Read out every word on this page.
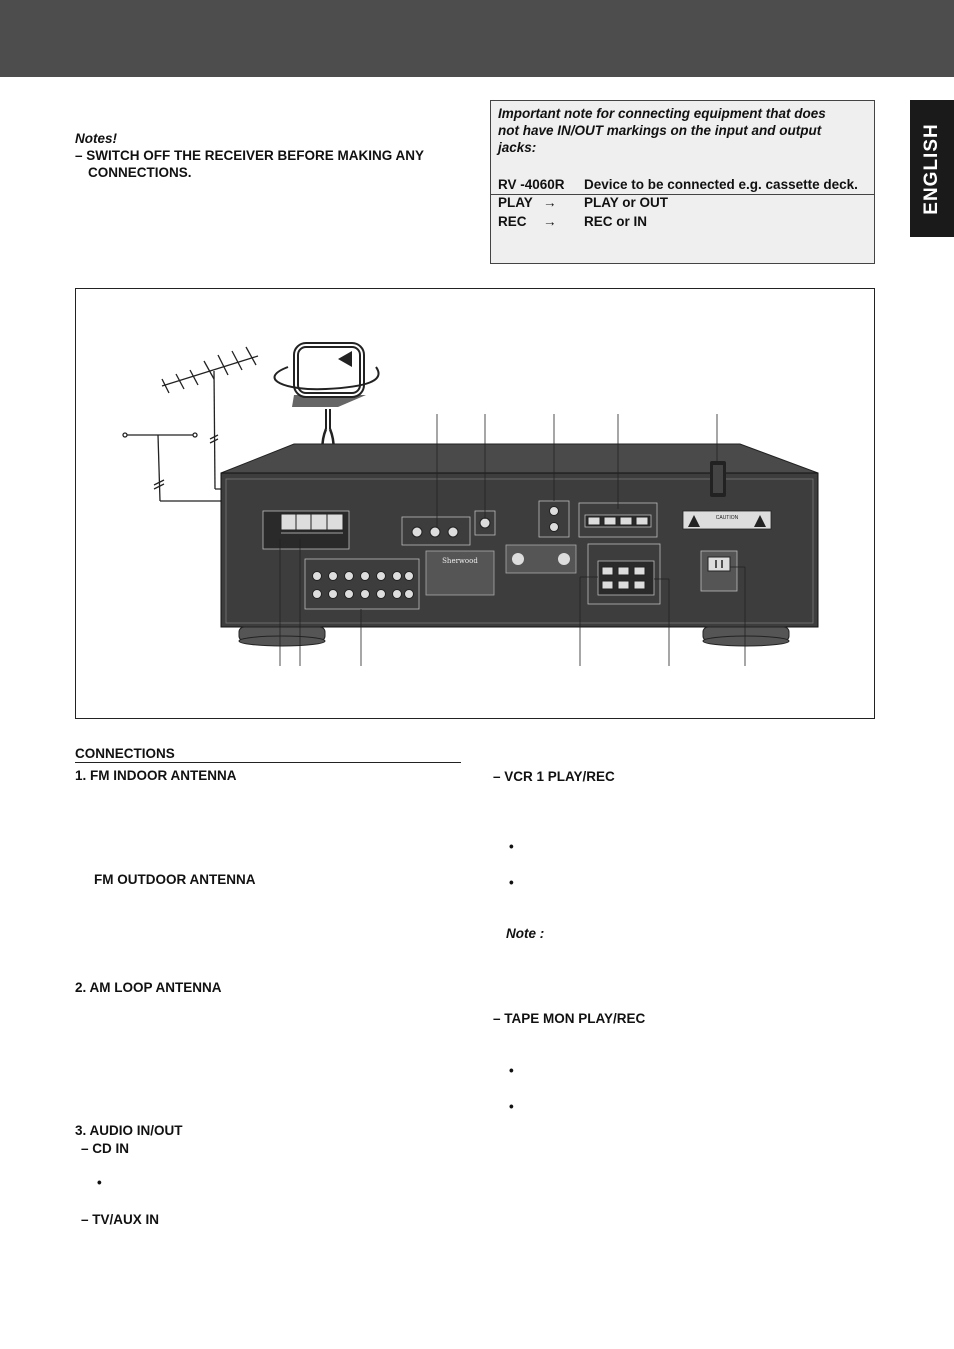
ENGLISH
Notes!
– SWITCH OFF THE RECEIVER BEFORE MAKING ANY
CONNECTIONS.
Important note for connecting equipment that does
not have IN/OUT markings on the input and output
jacks:
RV -4060R Device to be connected e.g. cassette deck.
PLAY → PLAY or OUT
REC → REC or IN
Sherwood
CAUTION
CONNECTIONS
1. FM INDOOR ANTENNA
FM OUTDOOR ANTENNA
2. AM LOOP ANTENNA
3. AUDIO IN/OUT
– CD IN
•
– TV/AUX IN
– VCR 1 PLAY/REC
•
•
Note :
– TAPE MON PLAY/REC
•
•
